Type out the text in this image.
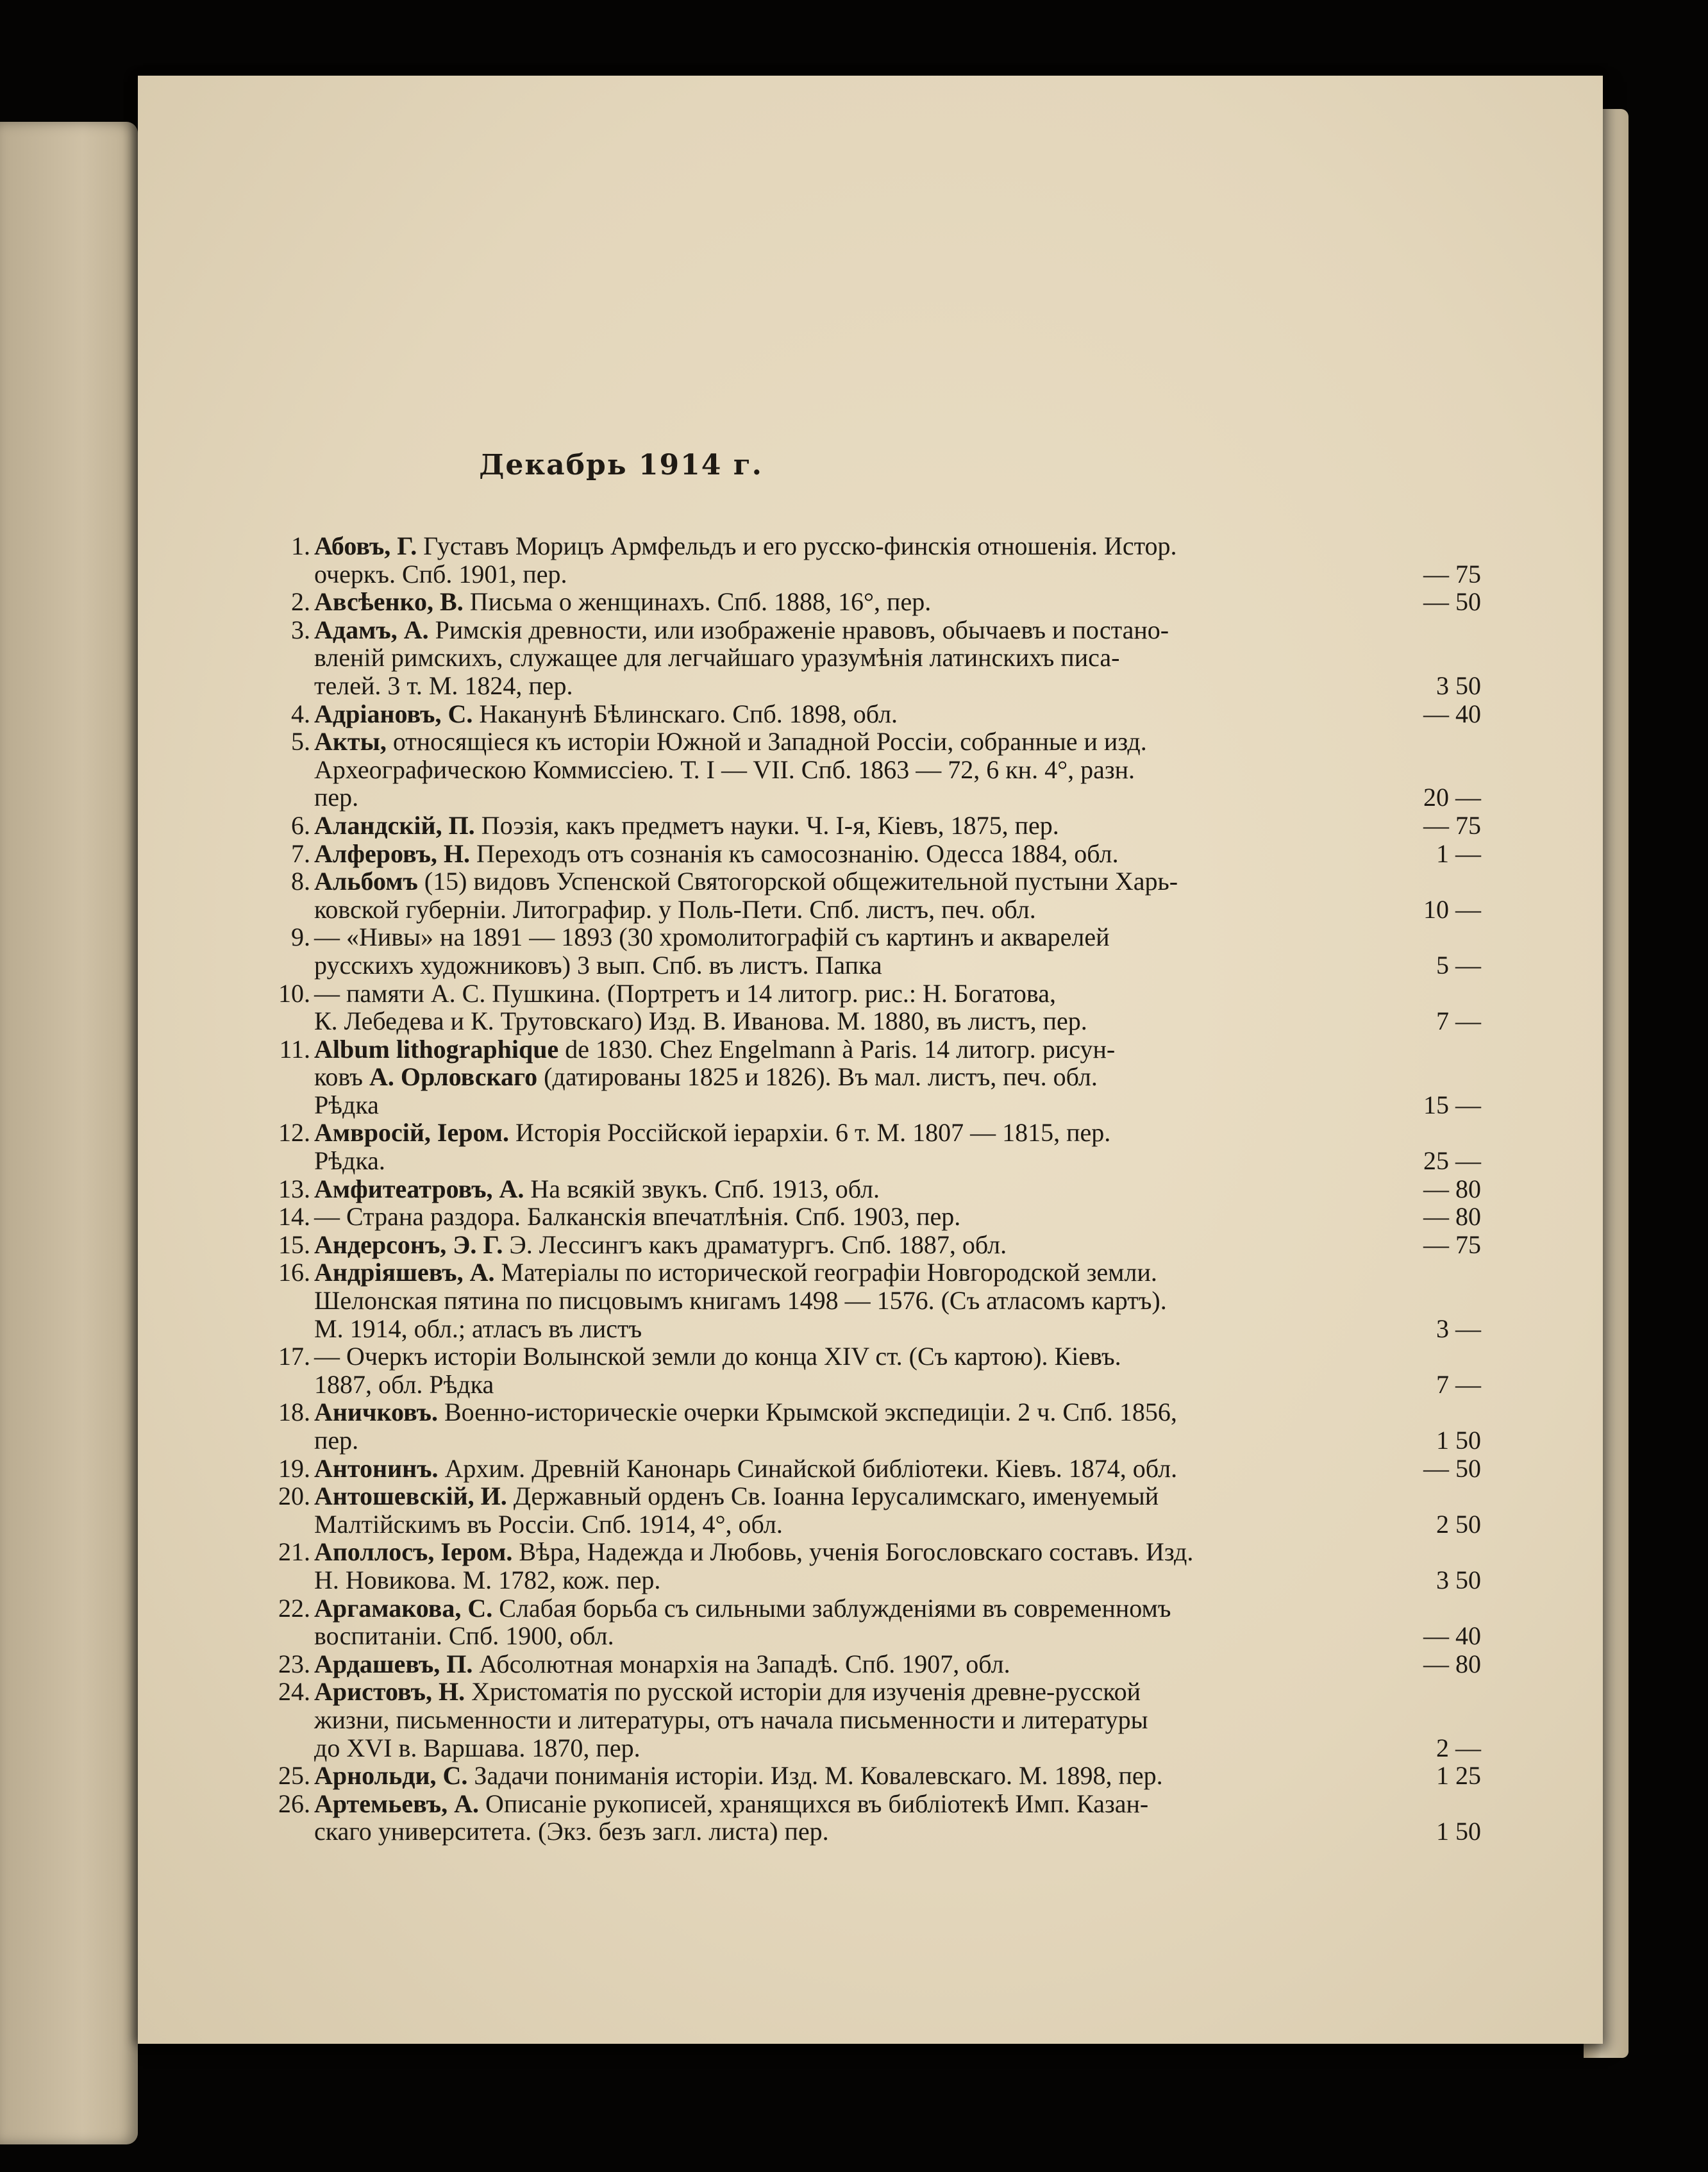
Декабрь 1914 г.
1. Абовъ, Г. Густавъ Морицъ Армфельдъ и его русско-финскія отношенія. Истор.
очеркъ. Спб. 1901, пер.	— 75
2. Авсѣенко, В. Письма о женщинахъ. Спб. 1888, 16°, пер.	— 50
3. Адамъ, А. Римскія древности, или изображеніе нравовъ, обычаевъ и постано-
вленій римскихъ, служащее для легчайшаго уразумѣнія латинскихъ писа-
телей. 3 т. М. 1824, пер.	3 50
4. Адріановъ, С. Наканунѣ Бѣлинскаго. Спб. 1898, обл.	— 40
5. Акты, относящіеся къ исторіи Южной и Западной Россіи, собранные и изд.
Археографическою Коммиссіею. Т. I — VII. Спб. 1863 — 72, 6 кн. 4°, разн.
пер.	20 —
6. Аландскій, П. Поэзія, какъ предметъ науки. Ч. І-я, Кіевъ, 1875, пер.	— 75
7. Алферовъ, Н. Переходъ отъ сознанія къ самосознанію. Одесса 1884, обл.	1 —
8. Альбомъ (15) видовъ Успенской Святогорской общежительной пустыни Харь-
ковской губерніи. Литографир. у Поль-Пети. Спб. листъ, печ. обл.	10 —
9. — «Нивы» на 1891 — 1893 (30 хромолитографій съ картинъ и акварелей
русскихъ художниковъ) 3 вып. Спб. въ листъ. Папка	5 —
10. — памяти А. С. Пушкина. (Портретъ и 14 литогр. рис.: Н. Богатова,
К. Лебедева и К. Трутовскаго) Изд. В. Иванова. М. 1880, въ листъ, пер.	7 —
11. Album lithographique de 1830. Chez Engelmann à Paris. 14 литогр. рисун-
ковъ А. Орловскаго (датированы 1825 и 1826). Въ мал. листъ, печ. обл.
Рѣдка	15 —
12. Амвросій, Іером. Исторія Россійской іерархіи. 6 т. М. 1807 — 1815, пер.
Рѣдка.	25 —
13. Амфитеатровъ, А. На всякій звукъ. Спб. 1913, обл.	— 80
14. — Страна раздора. Балканскія впечатлѣнія. Спб. 1903, пер.	— 80
15. Андерсонъ, Э. Г. Э. Лессингъ какъ драматургъ. Спб. 1887, обл.	— 75
16. Андріяшевъ, А. Матеріалы по исторической географіи Новгородской земли.
Шелонская пятина по писцовымъ книгамъ 1498 — 1576. (Съ атласомъ картъ).
М. 1914, обл.; атласъ въ листъ	3 —
17. — Очеркъ исторіи Волынской земли до конца XIV ст. (Съ картою). Кіевъ.
1887, обл. Рѣдка	7 —
18. Аничковъ. Военно-историческіе очерки Крымской экспедиціи. 2 ч. Спб. 1856,
пер.	1 50
19. Антонинъ. Архим. Древній Канонарь Синайской библіотеки. Кіевъ. 1874, обл.	— 50
20. Антошевскій, И. Державный орденъ Св. Іоанна Іерусалимскаго, именуемый
Малтійскимъ въ Россіи. Спб. 1914, 4°, обл.	2 50
21. Аполлосъ, Іером. Вѣра, Надежда и Любовь, ученія Богословскаго составъ. Изд.
Н. Новикова. М. 1782, кож. пер.	3 50
22. Аргамакова, С. Слабая борьба съ сильными заблужденіями въ современномъ
воспитаніи. Спб. 1900, обл.	— 40
23. Ардашевъ, П. Абсолютная монархія на Западѣ. Спб. 1907, обл.	— 80
24. Аристовъ, Н. Христоматія по русской исторіи для изученія древне-русской
жизни, письменности и литературы, отъ начала письменности и литературы
до XVI в. Варшава. 1870, пер.	2 —
25. Арнольди, С. Задачи пониманія исторіи. Изд. М. Ковалевскаго. М. 1898, пер.	1 25
26. Артемьевъ, А. Описаніе рукописей, хранящихся въ библіотекѣ Имп. Казан-
скаго университета. (Экз. безъ загл. листа) пер.	1 50
